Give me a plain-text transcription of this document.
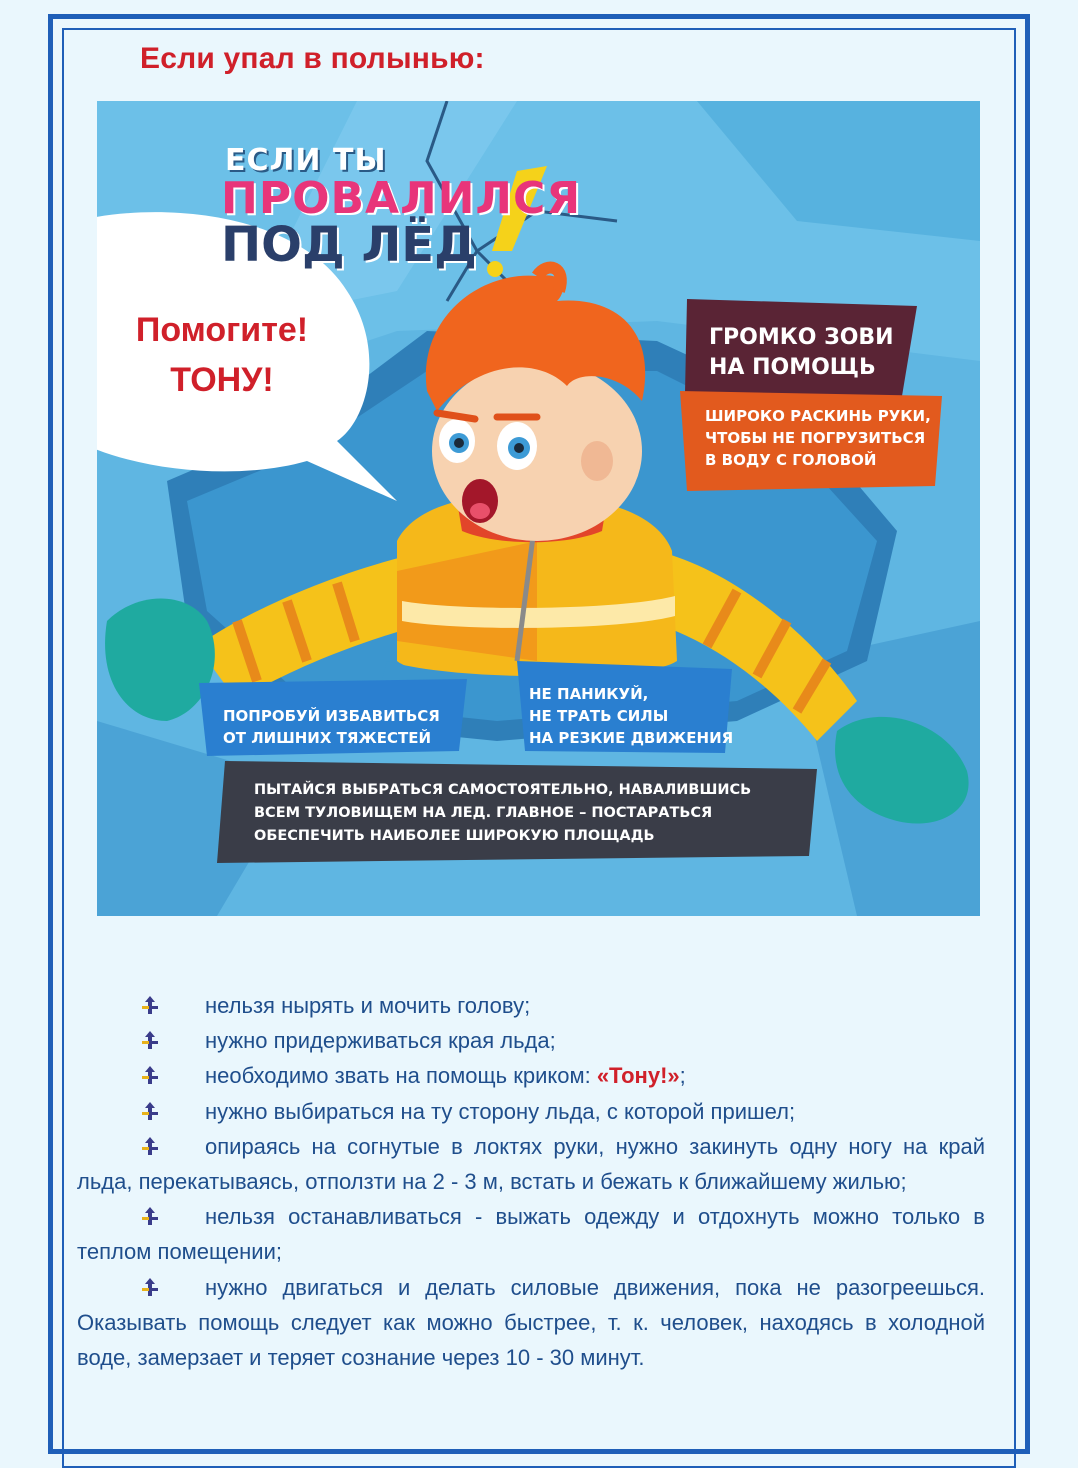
Если упал в полынью:
ЕСЛИ ТЫ
ПРОВАЛИЛСЯ
ПОД ЛЁД
Помогите!
ТОНУ!
ГРОМКО ЗОВИ
НА ПОМОЩЬ
ШИРОКО РАСКИНЬ РУКИ,
ЧТОБЫ НЕ ПОГРУЗИТЬСЯ
В ВОДУ С ГОЛОВОЙ
ПОПРОБУЙ ИЗБАВИТЬСЯ
ОТ ЛИШНИХ ТЯЖЕСТЕЙ
НЕ ПАНИКУЙ,
НЕ ТРАТЬ СИЛЫ
НА РЕЗКИЕ ДВИЖЕНИЯ
ПЫТАЙСЯ ВЫБРАТЬСЯ САМОСТОЯТЕЛЬНО, НАВАЛИВШИСЬ
ВСЕМ ТУЛОВИЩЕМ НА ЛЕД. ГЛАВНОЕ – ПОСТАРАТЬСЯ
ОБЕСПЕЧИТЬ НАИБОЛЕЕ ШИРОКУЮ ПЛОЩАДЬ

нельзя нырять и мочить голову;

нужно придерживаться края льда;

необходимо звать на помощь криком: «Тону!»;

нужно выбираться на ту сторону льда, с которой пришел;

опираясь на согнутые в локтях руки, нужно закинуть одну ногу на край льда, перекатываясь, отползти на 2 - 3 м, встать и бежать к ближайшему жилью;

нельзя останавливаться - выжать одежду и отдохнуть можно только в теплом помещении;

нужно двигаться и делать силовые движения, пока не разогреешься. Оказывать помощь следует как можно быстрее, т. к. человек, находясь в холодной воде, замерзает и теряет сознание через 10 - 30 минут.
